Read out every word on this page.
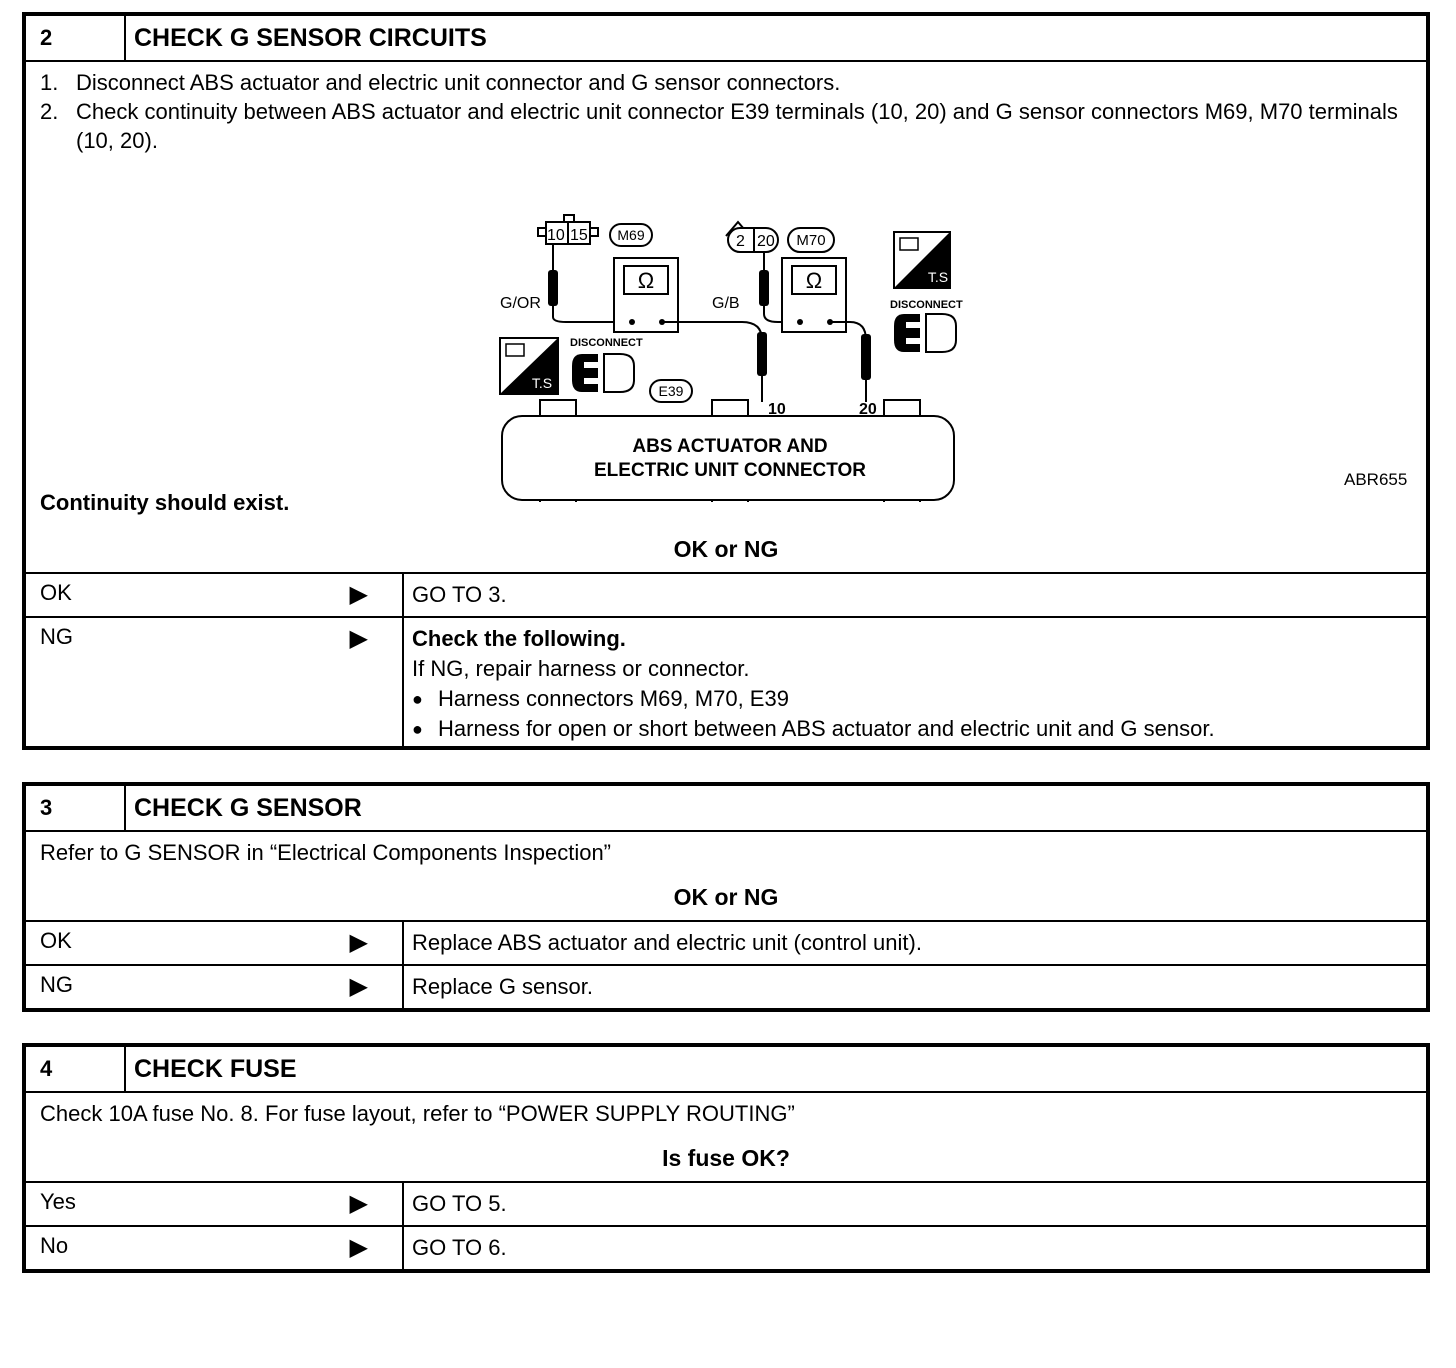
2	CHECK G SENSOR CIRCUITS
1. Disconnect ABS actuator and electric unit connector and G sensor connectors.
2. Check continuity between ABS actuator and electric unit connector E39 terminals (10, 20) and G sensor connectors M69, M70 terminals (10, 20).
10 15 M69	2 20 M70
Ω
G/OR
Ω
G/B
T.S
DISCONNECT
T.S
DISCONNECT
E39
10	20
ABS ACTUATOR AND
ELECTRIC UNIT CONNECTOR	ABR655
Continuity should exist.
OK or NG
OK	▶	GO TO 3.
NG	▶ Check the following.
If NG, repair harness or connector.
● Harness connectors M69, M70, E39
● Harness for open or short between ABS actuator and electric unit and G sensor.
3	CHECK G SENSOR
Refer to G SENSOR in “Electrical Components Inspection”
OK or NG
OK	▶	Replace ABS actuator and electric unit (control unit).
NG	▶	Replace G sensor.
4	CHECK FUSE
Check 10A fuse No. 8. For fuse layout, refer to “POWER SUPPLY ROUTING”
Is fuse OK?
Yes	▶	GO TO 5.
No	▶	GO TO 6.
